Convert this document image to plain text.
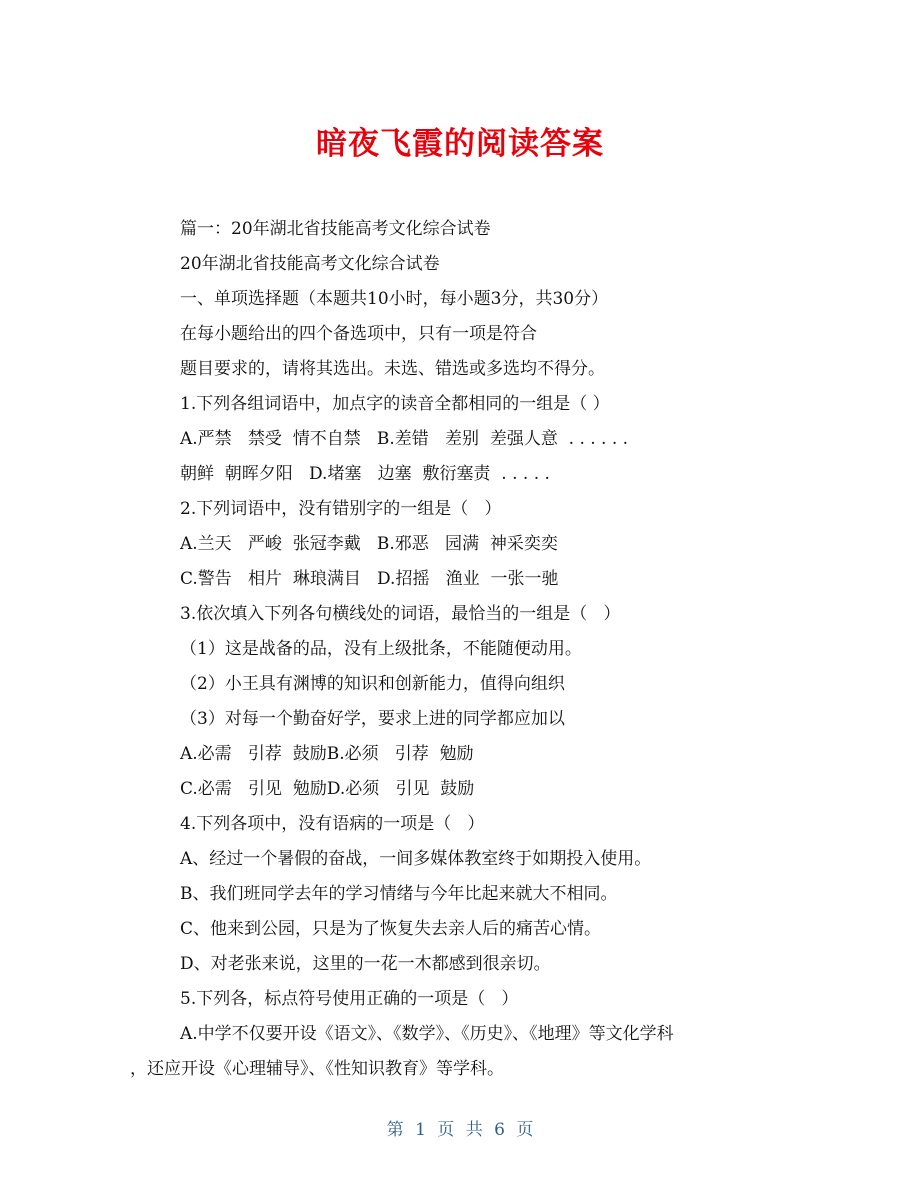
暗夜飞霞的阅读答案

篇一：20年湖北省技能高考文化综合试卷

20年湖北省技能高考文化综合试卷

一、单项选择题（本题共10小时，每小题3分，共30分）

在每小题给出的四个备选项中，只有一项是符合

题目要求的，请将其选出。未选、错选或多选均不得分。

1.下列各组词语中，加点字的读音全都相同的一组是（ ）

A.严禁   禁受  情不自禁   B.差错   差别  差强人意  . . . . . .

朝鲜  朝晖夕阳   D.堵塞   边塞  敷衍塞责  . . . . .

2.下列词语中，没有错别字的一组是（   ）

A.兰天   严峻  张冠李戴   B.邪恶   园满  神采奕奕

C.警告   相片  琳琅满目   D.招摇   渔业  一张一驰

3.依次填入下列各句横线处的词语，最恰当的一组是（   ）

（1）这是战备的品，没有上级批条，不能随便动用。

（2）小王具有渊博的知识和创新能力，值得向组织

（3）对每一个勤奋好学，要求上进的同学都应加以

A.必需   引荐  鼓励B.必须   引荐  勉励

C.必需   引见  勉励D.必须   引见  鼓励

4.下列各项中，没有语病的一项是（   ）

A、经过一个暑假的奋战，一间多媒体教室终于如期投入使用。

B、我们班同学去年的学习情绪与今年比起来就大不相同。

C、他来到公园，只是为了恢复失去亲人后的痛苦心情。

D、对老张来说，这里的一花一木都感到很亲切。

5.下列各，标点符号使用正确的一项是（   ）

A.中学不仅要开设《语文》、《数学》、《历史》、《地理》等文化学科

，还应开设《心理辅导》、《性知识教育》等学科。

第 1 页 共 6 页
